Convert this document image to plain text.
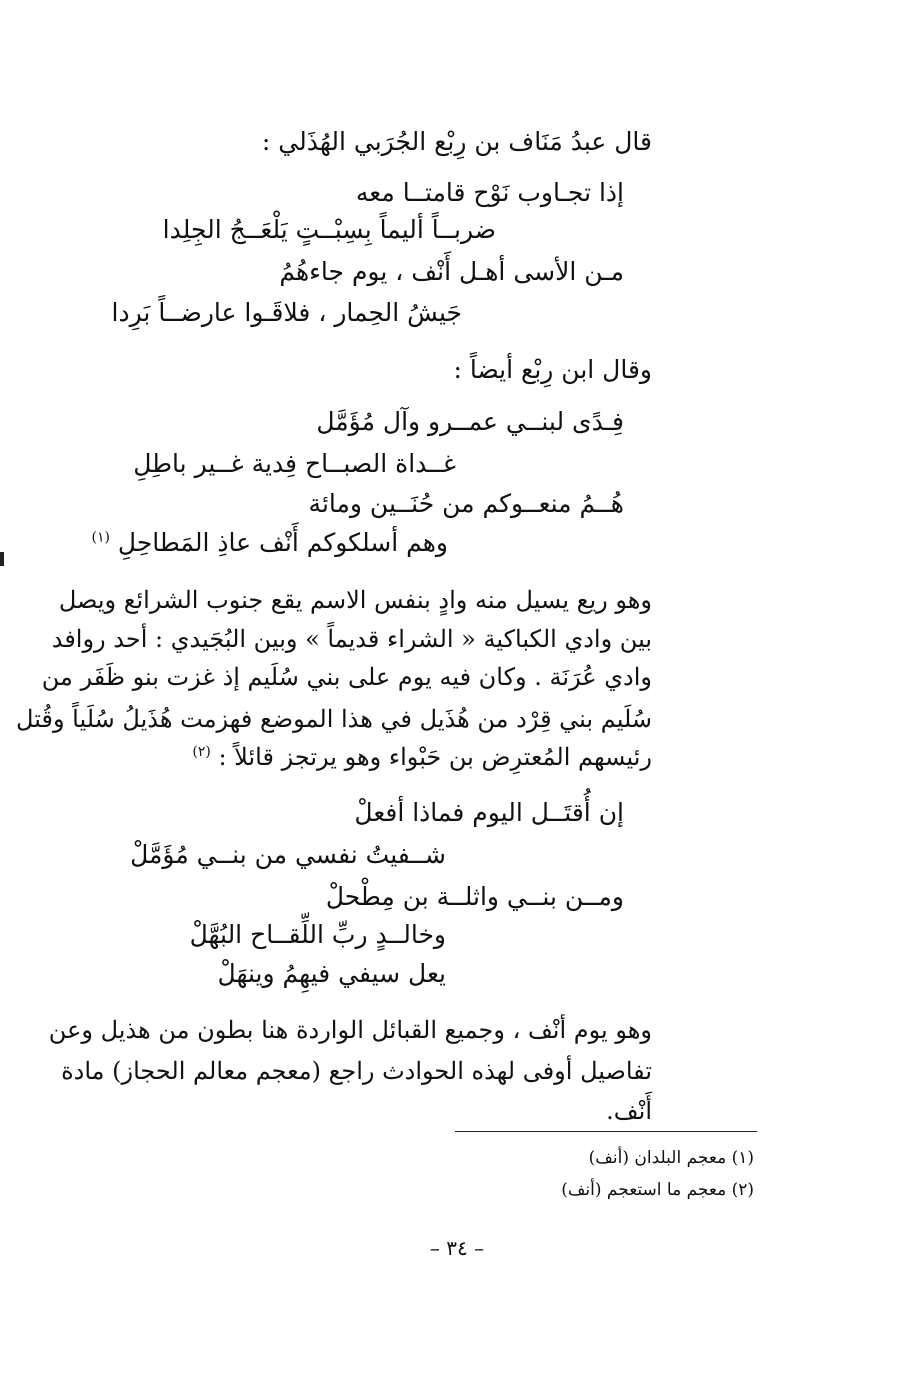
قال عبدُ مَنَاف بن رِبْع الجُرَبي الهُذَلي :
إذا تجـاوب نَوْح قامتــا معه
ضربــاً أليماً بِسِبْــتٍ يَلْعَــجُ الجِلِدا
مـن الأسى أهـل أَنْف ، يوم جاءهُمُ
جَيشُ الحِمار ، فلاقَـوا عارضــاً بَرِدا
وقال ابن رِبْع أيضاً :
فِـدًى لبنــي عمــرو وآل مُؤَمَّل
غــداة الصبــاح فِدية غــير باطِلِ
هُــمُ منعــوكم من حُنَــين ومائة
وهم أسلكوكم أَنْف عاذِ المَطاحِلِ $^{(١)}$
وهو ريع يسيل منه وادٍ بنفس الاسم يقع جنوب الشرائع ويصل
بين وادي الكباكية « الشراء قديماً » وبين البُجَيدي : أحد روافد
وادي عُرَنَة . وكان فيه يوم على بني سُلَيم إذ غزت بنو ظَفَر من
سُلَيم بني قِرْد من هُذَيل في هذا الموضع فهزمت هُذَيلُ سُلَياً وقُتل
رئيسهم المُعترِض بن حَبْواء وهو يرتجز قائلاً : $^{(٢)}$
إن أُقتَــل اليوم فماذا أفعلْ
شــفيتُ نفسي من بنــي مُؤَمَّلْ
ومــن بنــي واثلــة بن مِطْحلْ
وخالــدٍ ربِّ اللِّقــاح البُهَّلْ
يعل سيفي فيهِمُ وينهَلْ
وهو يوم أنْف ، وجميع القبائل الواردة هنا بطون من هذيل وعن
تفاصيل أوفى لهذه الحوادث راجع (معجم معالم الحجاز) مادة
أَنْف.
(١) معجم البلدان (أنف)
(٢) معجم ما استعجم (أنف)
– ٣٤ –
